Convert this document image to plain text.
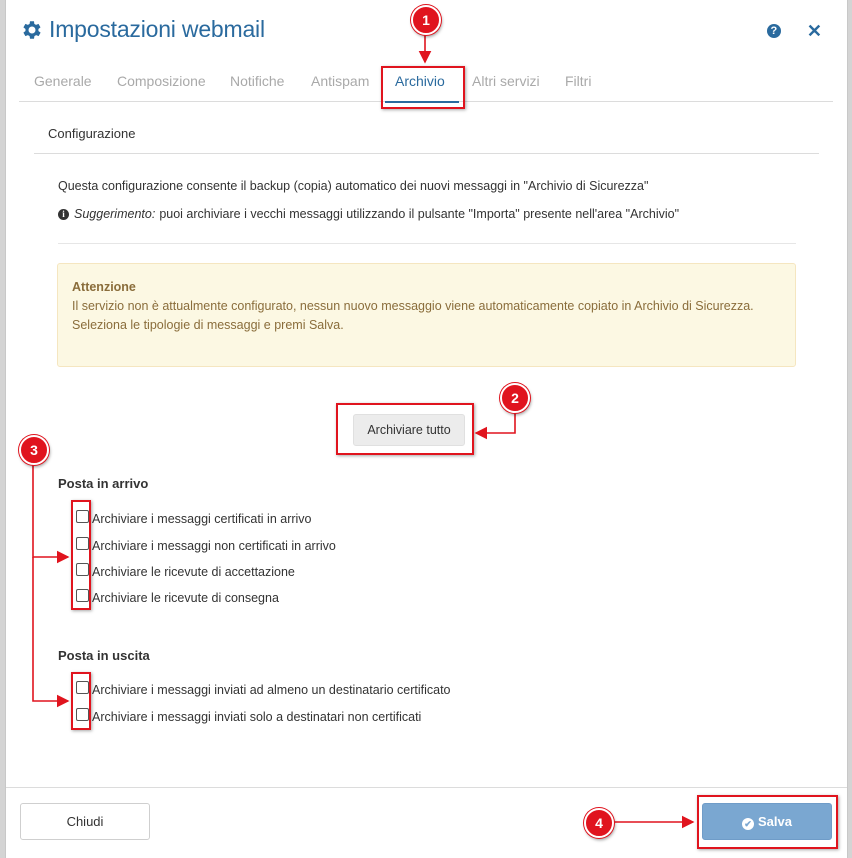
Impostazioni webmail	? ✕
Generale Composizione Notifiche Antispam Archivio Altri servizi Filtri
Configurazione
Questa configurazione consente il backup (copia) automatico dei nuovi messaggi in "Archivio di Sicurezza"
i Suggerimento: puoi archiviare i vecchi messaggi utilizzando il pulsante "Importa" presente nell'area "Archivio"
Attenzione
Il servizio non è attualmente configurato, nessun nuovo messaggio viene automaticamente copiato in Archivio di Sicurezza.
Seleziona le tipologie di messaggi e premi Salva.
Archiviare tutto
Posta in arrivo
Archiviare i messaggi certificati in arrivo
Archiviare i messaggi non certificati in arrivo
Archiviare le ricevute di accettazione
Archiviare le ricevute di consegna
Posta in uscita
Archiviare i messaggi inviati ad almeno un destinatario certificato
Archiviare i messaggi inviati solo a destinatari non certificati
Chiudi	✔ Salva
1
2
3
4
